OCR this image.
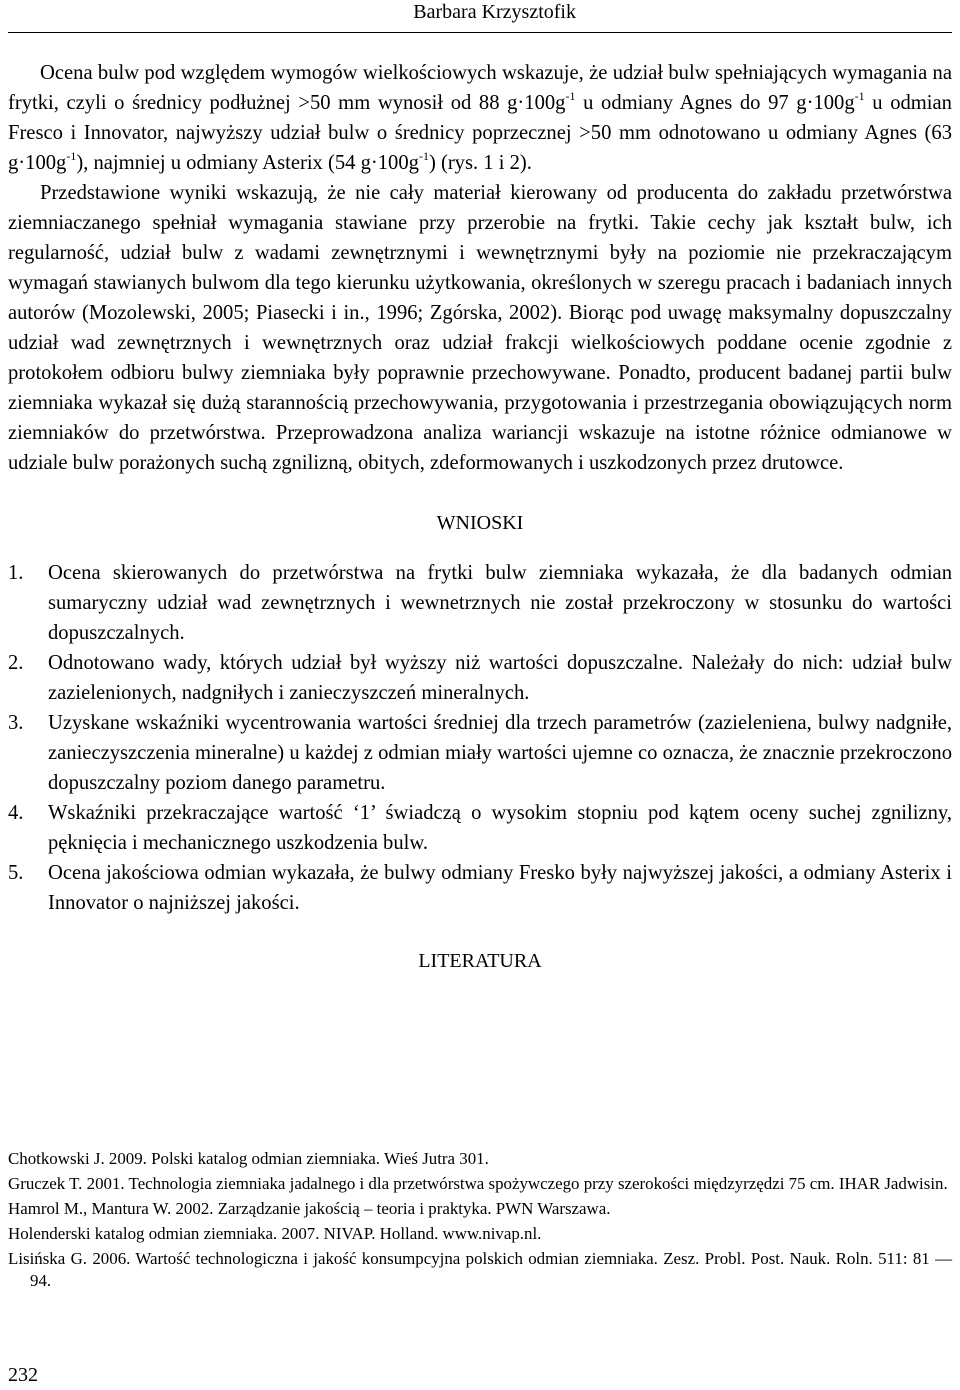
Barbara Krzysztofik

Ocena bulw pod względem wymogów wielkościowych wskazuje, że udział bulw spełniających wymagania na frytki, czyli o średnicy podłużnej >50 mm wynosił od 88 $g\cdot 100g^{-1}$ u odmiany Agnes do 97 $g\cdot 100g^{-1}$ u odmian Fresco i Innovator, najwyższy udział bulw o średnicy poprzecznej >50 mm odnotowano u odmiany Agnes (63 $g\cdot 100g^{-1}$), najmniej u odmiany Asterix (54 $g\cdot 100g^{-1}$) (rys. 1 i 2).

Przedstawione wyniki wskazują, że nie cały materiał kierowany od producenta do zakładu przetwórstwa ziemniaczanego spełniał wymagania stawiane przy przerobie na frytki. Takie cechy jak kształt bulw, ich regularność, udział bulw z wadami zewnętrznymi i wewnętrznymi były na poziomie nie przekraczającym wymagań stawianych bulwom dla tego kierunku użytkowania, określonych w szeregu pracach i badaniach innych autorów (Mozolewski, 2005; Piasecki i in., 1996; Zgórska, 2002). Biorąc pod uwagę maksymalny dopuszczalny udział wad zewnętrznych i wewnętrznych oraz udział frakcji wielkościowych poddane ocenie zgodnie z protokołem odbioru bulwy ziemniaka były poprawnie przechowywane. Ponadto, producent badanej partii bulw ziemniaka wykazał się dużą starannością przechowywania, przygotowania i przestrzegania obowiązujących norm ziemniaków do przetwórstwa. Przeprowadzona analiza wariancji wskazuje na istotne różnice odmianowe w udziale bulw porażonych suchą zgnilizną, obitych, zdeformowanych i uszkodzonych przez drutowce.

WNIOSKI

1. Ocena skierowanych do przetwórstwa na frytki bulw ziemniaka wykazała, że dla badanych odmian sumaryczny udział wad zewnętrznych i wewnetrznych nie został przekroczony w stosunku do wartości dopuszczalnych.
2. Odnotowano wady, których udział był wyższy niż wartości dopuszczalne. Należały do nich: udział bulw zazielenionych, nadgniłych i zanieczyszczeń mineralnych.
3. Uzyskane wskaźniki wycentrowania wartości średniej dla trzech parametrów (zazieleniena, bulwy nadgniłe, zanieczyszczenia mineralne) u każdej z odmian miały wartości ujemne co oznacza, że znacznie przekroczono dopuszczalny poziom danego parametru.
4. Wskaźniki przekraczające wartość ‘1’ świadczą o wysokim stopniu pod kątem oceny suchej zgnilizny, pęknięcia i mechanicznego uszkodzenia bulw.
5. Ocena jakościowa odmian wykazała, że bulwy odmiany Fresko były najwyższej jakości, a odmiany Asterix i Innovator o najniższej jakości.

LITERATURA

Chotkowski J. 2009. Polski katalog odmian ziemniaka. Wieś Jutra 301.

Gruczek T. 2001. Technologia ziemniaka jadalnego i dla przetwórstwa spożywczego przy szerokości międzyrzędzi 75 cm. IHAR Jadwisin.

Hamrol M., Mantura W. 2002. Zarządzanie jakością – teoria i praktyka. PWN Warszawa.

Holenderski katalog odmian ziemniaka. 2007. NIVAP. Holland. www.nivap.nl.

Lisińska G. 2006. Wartość technologiczna i jakość konsumpcyjna polskich odmian ziemniaka. Zesz. Probl. Post. Nauk. Roln. 511: 81 — 94.

232
